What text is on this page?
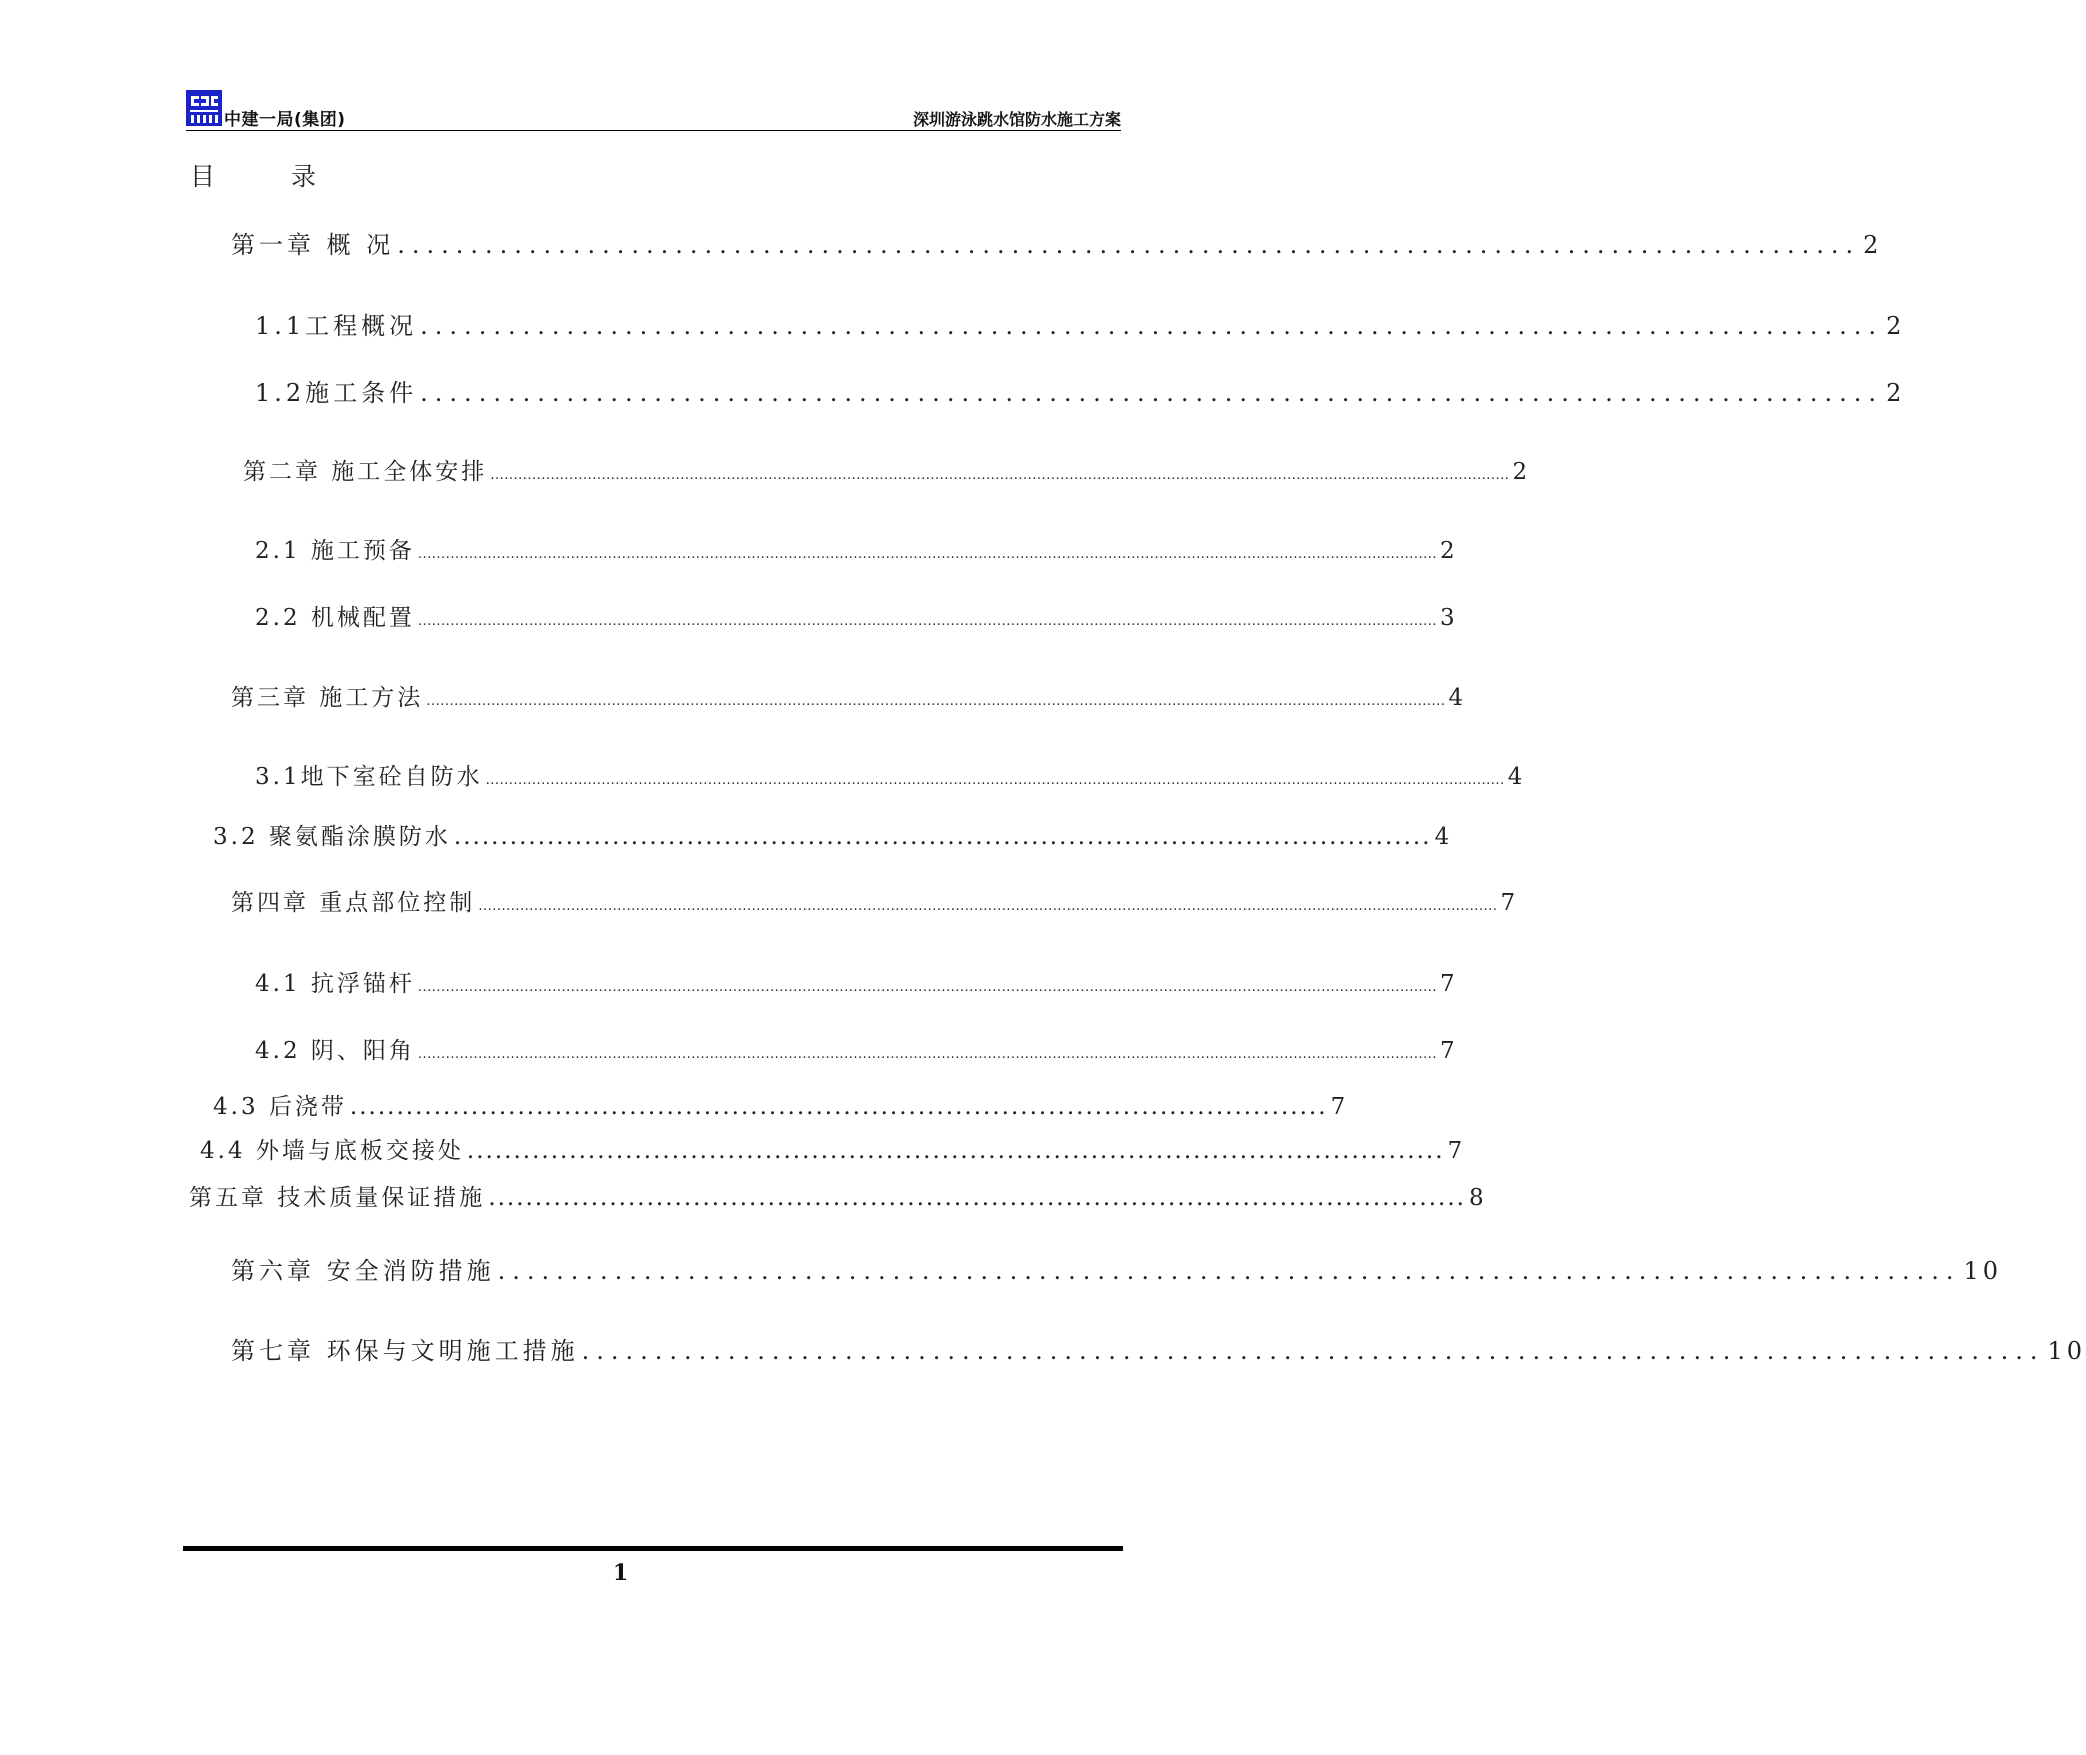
中建一局(集团)	深圳游泳跳水馆防水施工方案
目 录
第一章 概 况 .................................................................................................... 2
1.1工程概况 .................................................................................................... 2
1.2施工条件 .................................................................................................... 2
第二章 施工全体安排 ............................................................................................................................................................................................................................ 2
2.1 施工预备 ............................................................................................................................................................................................................................ 2
2.2 机械配置 ............................................................................................................................................................................................................................ 3
第三章 施工方法 ............................................................................................................................................................................................................................ 4
3.1地下室砼自防水 ............................................................................................................................................................................................................................ 4
3.2 聚氨酯涂膜防水 ......................................................................................................... 4
第四章 重点部位控制 ............................................................................................................................................................................................................................ 7
4.1 抗浮锚杆 ............................................................................................................................................................................................................................ 7
4.2 阴、阳角 ............................................................................................................................................................................................................................ 7
4.3 后浇带 ......................................................................................................... 7
4.4 外墙与底板交接处 ......................................................................................................... 7
第五章 技术质量保证措施 ......................................................................................................... 8
第六章 安全消防措施 .................................................................................................... 10
第七章 环保与文明施工措施 .................................................................................................... 10
1
